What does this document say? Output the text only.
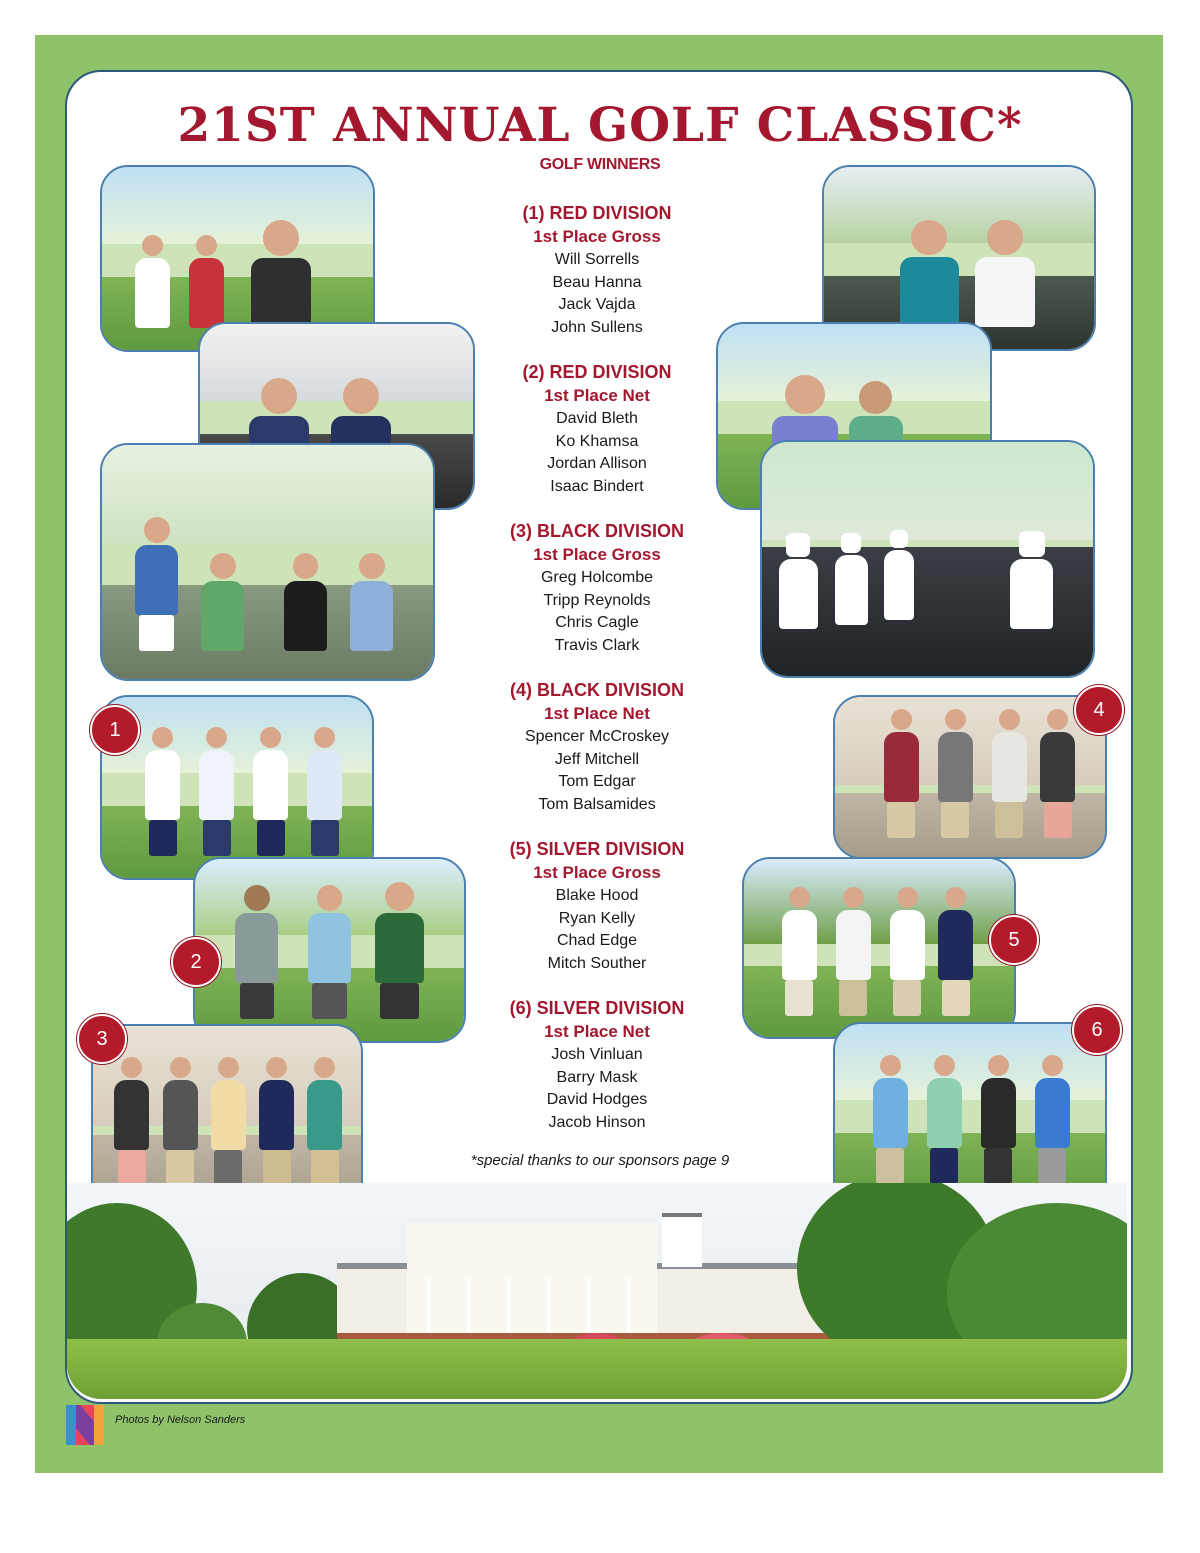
21ST ANNUAL GOLF CLASSIC*
GOLF WINNERS
(1) RED DIVISION
1st Place Gross
Will Sorrells
Beau Hanna
Jack Vajda
John Sullens
(2) RED DIVISION
1st Place Net
David Bleth
Ko Khamsa
Jordan Allison
Isaac Bindert
(3) BLACK DIVISION
1st Place Gross
Greg Holcombe
Tripp Reynolds
Chris Cagle
Travis Clark
(4) BLACK DIVISION
1st Place Net
Spencer McCroskey
Jeff Mitchell
Tom Edgar
Tom Balsamides
(5) SILVER DIVISION
1st Place Gross
Blake Hood
Ryan Kelly
Chad Edge
Mitch Souther
(6) SILVER DIVISION
1st Place Net
Josh Vinluan
Barry Mask
David Hodges
Jacob Hinson
*special thanks to our sponsors page 9
1
2
3
4
5
6
Photos by Nelson Sanders
